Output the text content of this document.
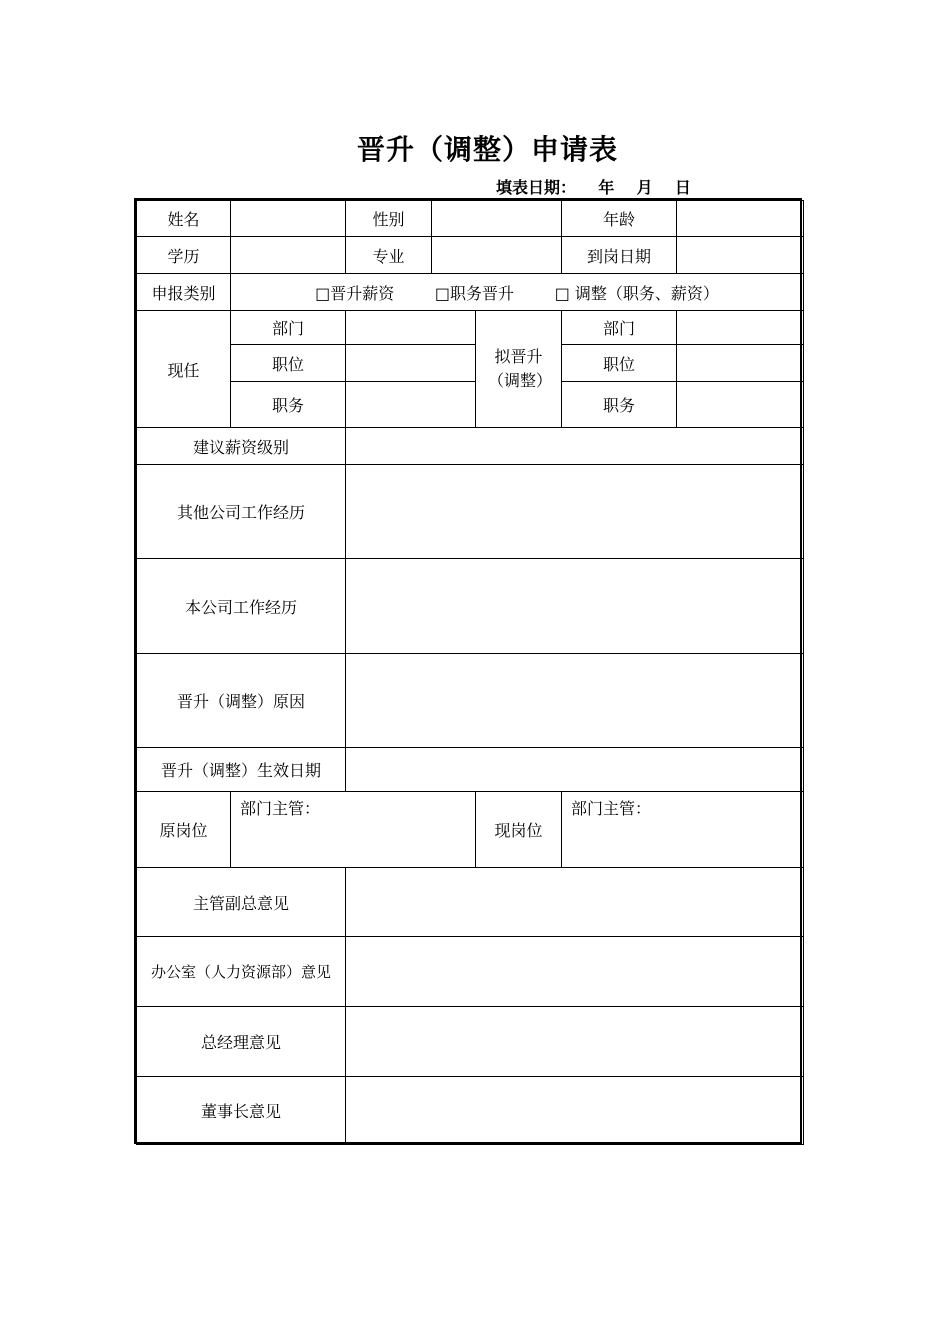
晋升（调整）申请表
填表日期：    年    月    日
姓名		性别			年龄	
学历		专业			到岗日期	
申报类别	□晋升薪资 □职务晋升 □ 调整（职务、薪资）					
现任	部门			拟晋升（调整）	部门	
	职位				职位	
	职务				职务	
建议薪资级别						
其他公司工作经历						
本公司工作经历						
晋升（调整）原因						
晋升（调整）生效日期						
原岗位	部门主管：			现岗位	部门主管：	
主管副总意见						
办公室（人力资源部）意见						
总经理意见						
董事长意见						
